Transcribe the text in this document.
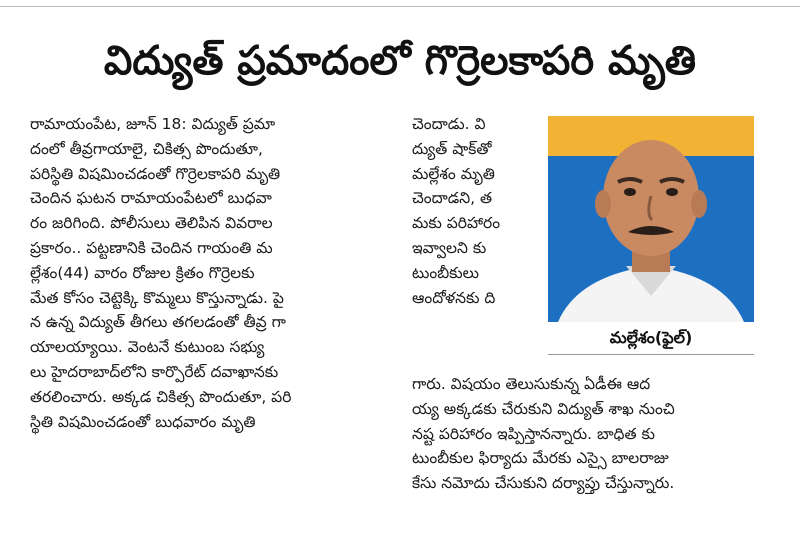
విద్యుత్ ప్రమాదంలో గొర్రెలకాపరి మృతి
రామాయంపేట, జూన్ 18: విద్యుత్ ప్రమా
దంలో తీవ్రగాయాలై, చికిత్స పొందుతూ,
పరిస్థితి విషమించడంతో గొర్రెలకాపరి మృతి
చెందిన ఘటన రామాయంపేటలో బుధవా
రం జరిగింది. పోలీసులు తెలిపిన వివరాల
ప్రకారం.. పట్టణానికి చెందిన గాయంతి మ
ల్లేశం(44) వారం రోజుల క్రితం గొర్రెలకు
మేత కోసం చెట్టెక్కి కొమ్మలు కొస్తున్నాడు. పై
న ఉన్న విద్యుత్ తీగలు తగలడంతో తీవ్ర గా
యాలయ్యాయి. వెంటనే కుటుంబ సభ్యు
లు హైదరాబాద్‌లోని కార్పొరేట్ దవాఖానకు
తరలించారు. అక్కడ చికిత్స పొందుతూ, పరి
స్థితి విషమించడంతో బుధవారం మృతి
చెందాడు. వి
ద్యుత్ షాక్‌తో
మల్లేశం మృతి
చెందాడని, త
మకు పరిహారం
ఇవ్వాలని కు
టుంబీకులు
ఆందోళనకు ది
మల్లేశం(ఫైల్)
గారు. విషయం తెలుసుకున్న ఏడీఈ ఆద
య్య అక్కడకు చేరుకుని విద్యుత్ శాఖ నుంచి
నష్ట పరిహారం ఇప్పిస్తానన్నారు. బాధిత కు
టుంబీకుల ఫిర్యాదు మేరకు ఎస్సై బాలరాజు
కేసు నమోదు చేసుకుని దర్యాప్తు చేస్తున్నారు.
